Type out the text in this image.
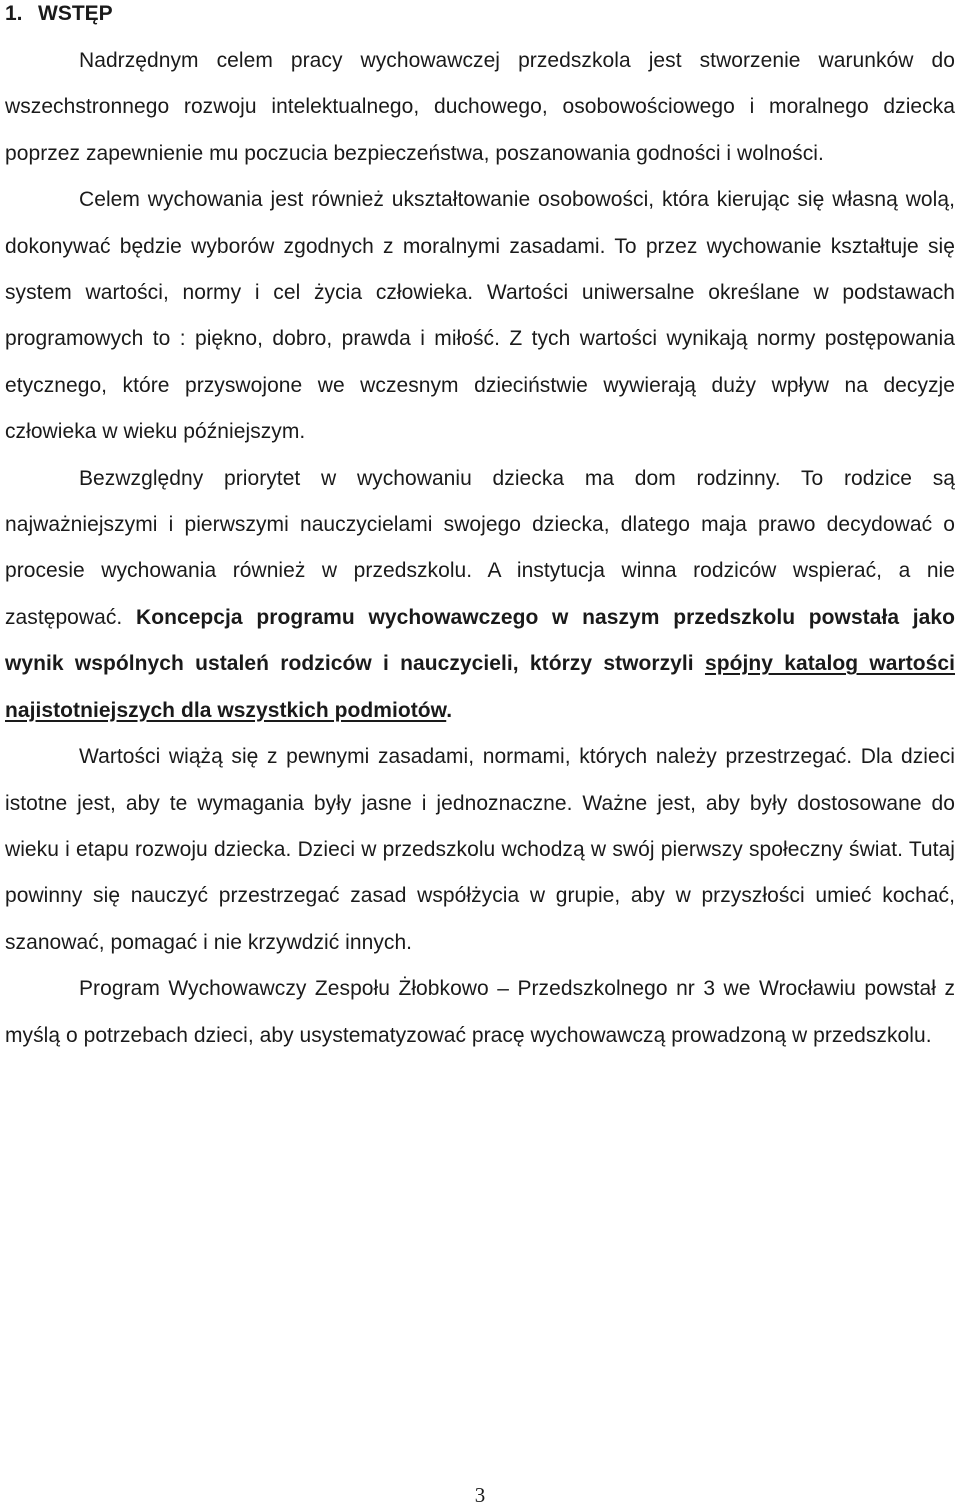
1. WSTĘP

Nadrzędnym celem pracy wychowawczej przedszkola jest stworzenie warunków do wszechstronnego rozwoju intelektualnego, duchowego, osobowościowego i moralnego dziecka poprzez zapewnienie mu poczucia bezpieczeństwa, poszanowania godności i wolności.

Celem wychowania jest również ukształtowanie osobowości, która kierując się własną wolą, dokonywać będzie wyborów zgodnych z moralnymi zasadami. To przez wychowanie kształtuje się system wartości, normy i cel życia człowieka. Wartości uniwersalne określane w podstawach programowych to : piękno, dobro, prawda i miłość. Z tych wartości wynikają normy postępowania etycznego, które przyswojone we wczesnym dzieciństwie wywierają duży wpływ na decyzje człowieka w wieku późniejszym.

Bezwzględny priorytet w wychowaniu dziecka ma dom rodzinny. To rodzice są najważniejszymi i pierwszymi nauczycielami swojego dziecka, dlatego maja prawo decydować o procesie wychowania również w przedszkolu. A instytucja winna rodziców wspierać, a nie zastępować. Koncepcja programu wychowawczego w naszym przedszkolu powstała jako wynik wspólnych ustaleń rodziców i nauczycieli, którzy stworzyli spójny katalog wartości najistotniejszych dla wszystkich podmiotów.

Wartości wiążą się z pewnymi zasadami, normami, których należy przestrzegać. Dla dzieci istotne jest, aby te wymagania były jasne i jednoznaczne. Ważne jest, aby były dostosowane do wieku i etapu rozwoju dziecka. Dzieci w przedszkolu wchodzą w swój pierwszy społeczny świat. Tutaj powinny się nauczyć przestrzegać zasad współżycia w grupie, aby w przyszłości umieć kochać, szanować, pomagać i nie krzywdzić innych.

Program Wychowawczy Zespołu Żłobkowo – Przedszkolnego nr 3 we Wrocławiu powstał z myślą o potrzebach dzieci, aby usystematyzować pracę wychowawczą prowadzoną w przedszkolu.

3
